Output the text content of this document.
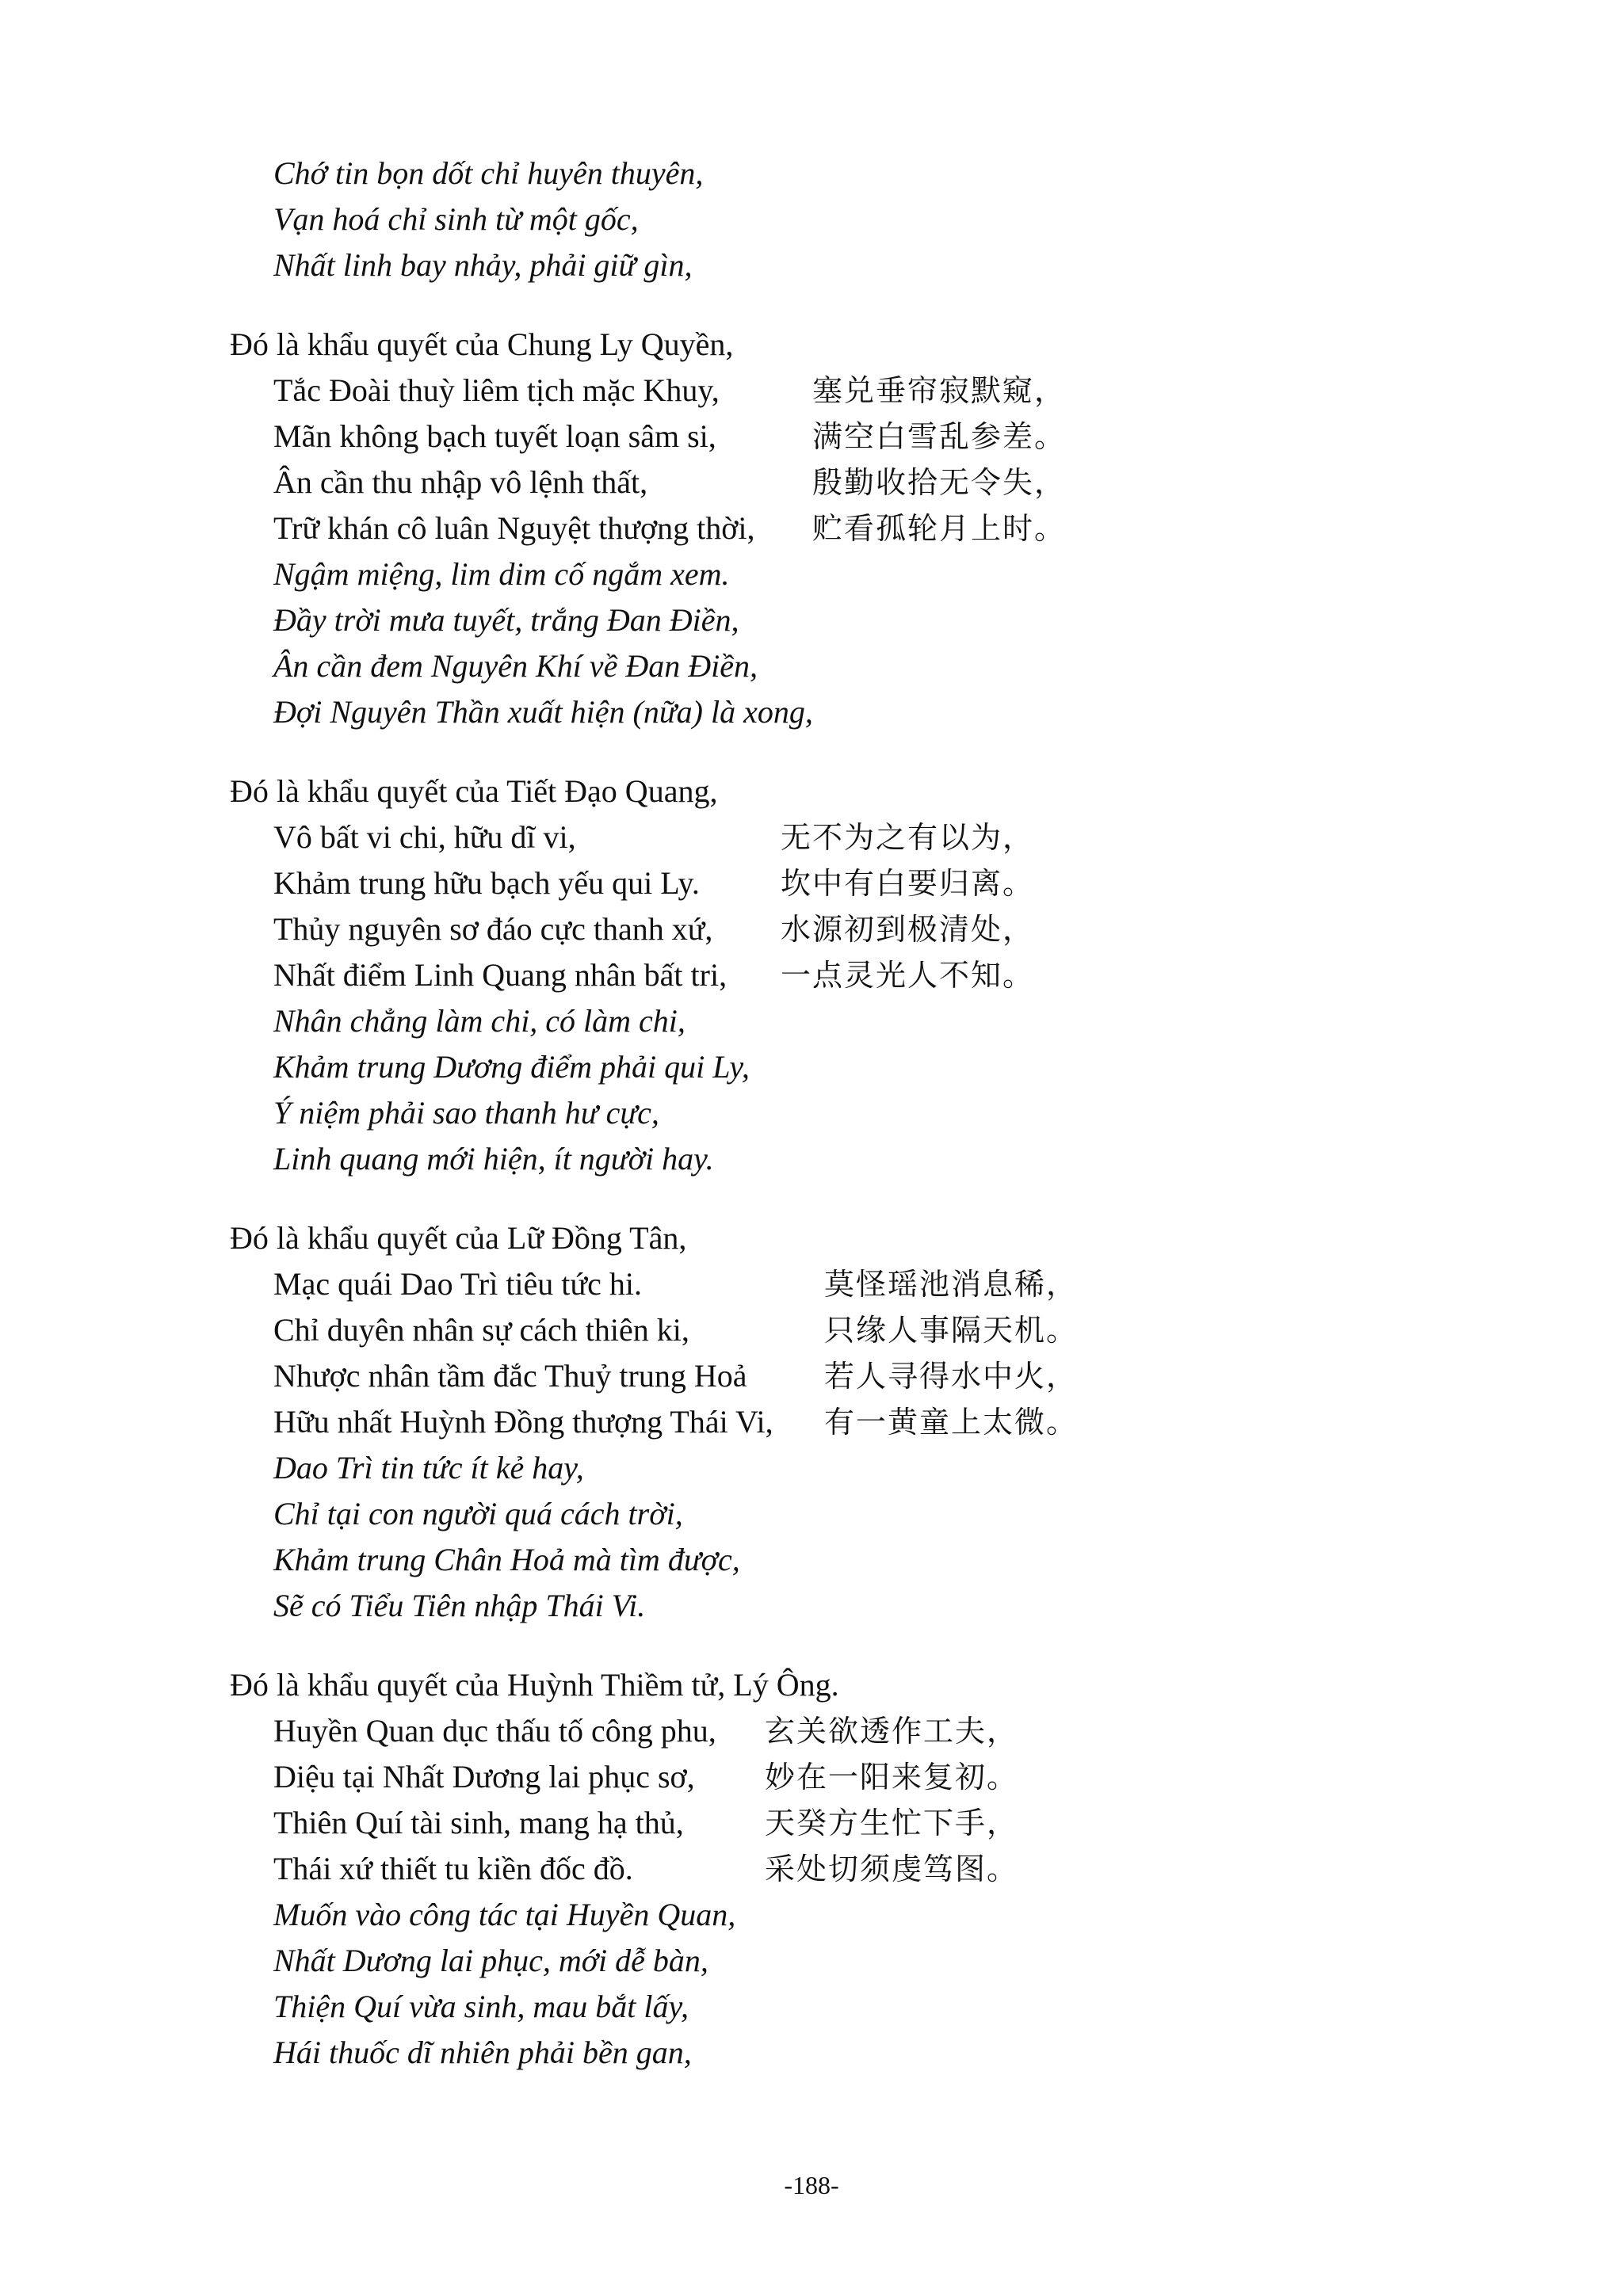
Chớ tin bọn dốt chỉ huyên thuyên,
Vạn hoá chỉ sinh từ một gốc,
Nhất linh bay nhảy, phải giữ gìn,
Đó là khẩu quyết của Chung Ly Quyền,
Tắc Đoài thuỳ liêm tịch mặc Khuy,	塞兑垂帘寂默窥，
Mãn không bạch tuyết loạn sâm si,	满空白雪乱参差。
Ân cần thu nhập vô lệnh thất,	殷勤收拾无令失，
Trữ khán cô luân Nguyệt thượng thời, 贮看孤轮月上时。
Ngậm miệng, lim dim cố ngắm xem.
Đầy trời mưa tuyết, trắng Đan Điền,
Ân cần đem Nguyên Khí về Đan Điền,
Đợi Nguyên Thần xuất hiện (nữa) là xong,
Đó là khẩu quyết của Tiết Đạo Quang,
Vô bất vi chi, hữu dĩ vi,	无不为之有以为，
Khảm trung hữu bạch yếu qui Ly.	坎中有白要归离。
Thủy nguyên sơ đáo cực thanh xứ, 水源初到极清处，
Nhất điểm Linh Quang nhân bất tri, 一点灵光人不知。
Nhân chẳng làm chi, có làm chi,
Khảm trung Dương điểm phải qui Ly,
Ý niệm phải sao thanh hư cực,
Linh quang mới hiện, ít người hay.
Đó là khẩu quyết của Lữ Đồng Tân,
Mạc quái Dao Trì tiêu tức hi.	莫怪瑶池消息稀，
Chỉ duyên nhân sự cách thiên ki,	只缘人事隔天机。
Nhược nhân tầm đắc Thuỷ trung Hoả	若人寻得水中火，
Hữu nhất Huỳnh Đồng thượng Thái Vi, 有一黄童上太微。
Dao Trì tin tức ít kẻ hay,
Chỉ tại con người quá cách trời,
Khảm trung Chân Hoả mà tìm được,
Sẽ có Tiểu Tiên nhập Thái Vi.
Đó là khẩu quyết của Huỳnh Thiềm tử, Lý Ông.
Huyền Quan dục thấu tố công phu, 玄关欲透作工夫，
Diệu tại Nhất Dương lai phục sơ, 妙在一阳来复初。
Thiên Quí tài sinh, mang hạ thủ,	天癸方生忙下手，
Thái xứ thiết tu kiền đốc đồ.	采处切须虔笃图。
Muốn vào công tác tại Huyền Quan,
Nhất Dương lai phục, mới dễ bàn,
Thiện Quí vừa sinh, mau bắt lấy,
Hái thuốc dĩ nhiên phải bền gan,
-188-
